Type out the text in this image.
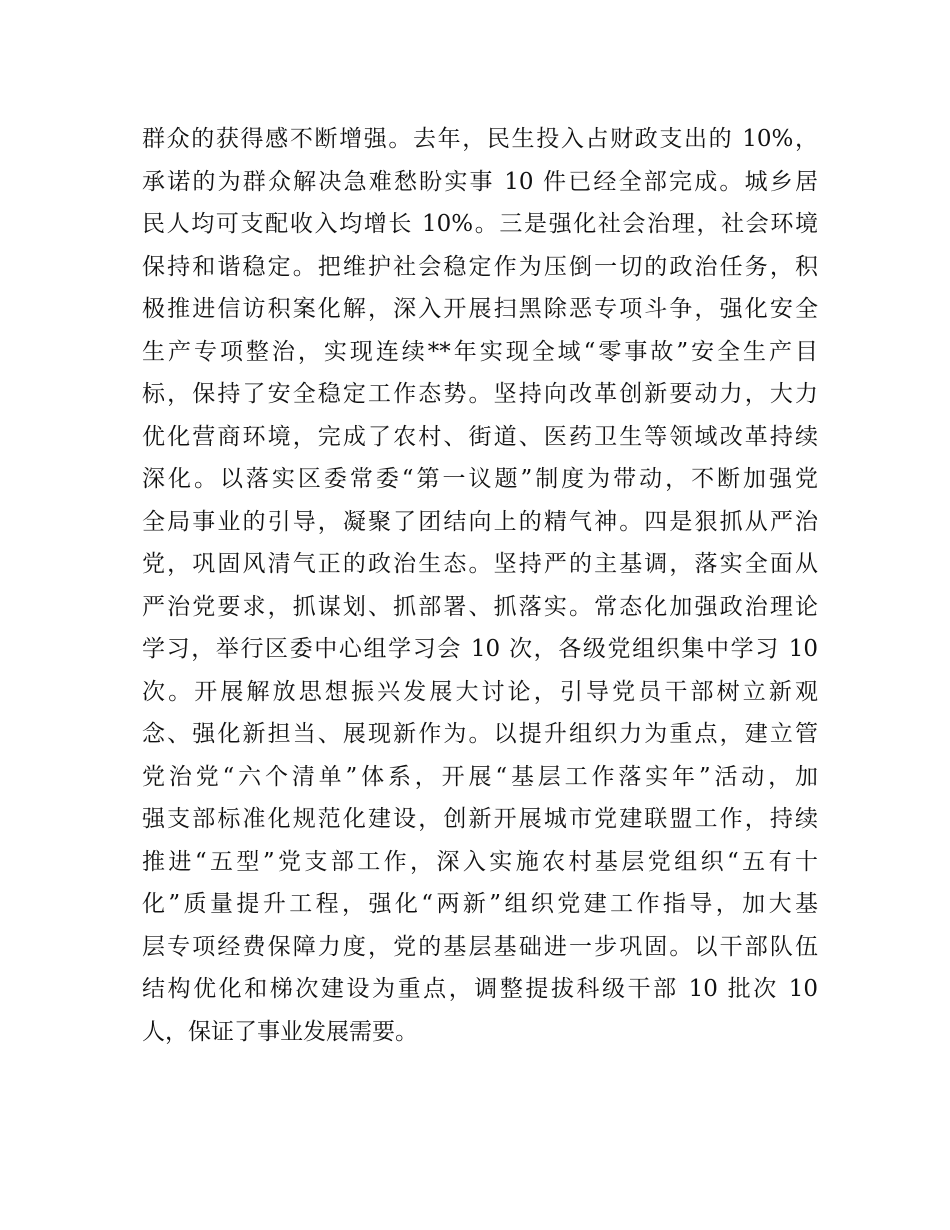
群众的获得感不断增强。去年，民生投入占财政支出的 10%，
承诺的为群众解决急难愁盼实事 10 件已经全部完成。城乡居
民人均可支配收入均增长 10%。三是强化社会治理，社会环境
保持和谐稳定。把维护社会稳定作为压倒一切的政治任务，积
极推进信访积案化解，深入开展扫黑除恶专项斗争，强化安全
生产专项整治，实现连续**年实现全域“零事故”安全生产目
标，保持了安全稳定工作态势。坚持向改革创新要动力，大力
优化营商环境，完成了农村、街道、医药卫生等领域改革持续
深化。以落实区委常委“第一议题”制度为带动，不断加强党
全局事业的引导，凝聚了团结向上的精气神。四是狠抓从严治
党，巩固风清气正的政治生态。坚持严的主基调，落实全面从
严治党要求，抓谋划、抓部署、抓落实。常态化加强政治理论
学习，举行区委中心组学习会 10 次，各级党组织集中学习 10
次。开展解放思想振兴发展大讨论，引导党员干部树立新观
念、强化新担当、展现新作为。以提升组织力为重点，建立管
党治党“六个清单”体系，开展“基层工作落实年”活动，加
强支部标准化规范化建设，创新开展城市党建联盟工作，持续
推进“五型”党支部工作，深入实施农村基层党组织“五有十
化”质量提升工程，强化“两新”组织党建工作指导，加大基
层专项经费保障力度，党的基层基础进一步巩固。以干部队伍
结构优化和梯次建设为重点，调整提拔科级干部 10 批次 10
人，保证了事业发展需要。
